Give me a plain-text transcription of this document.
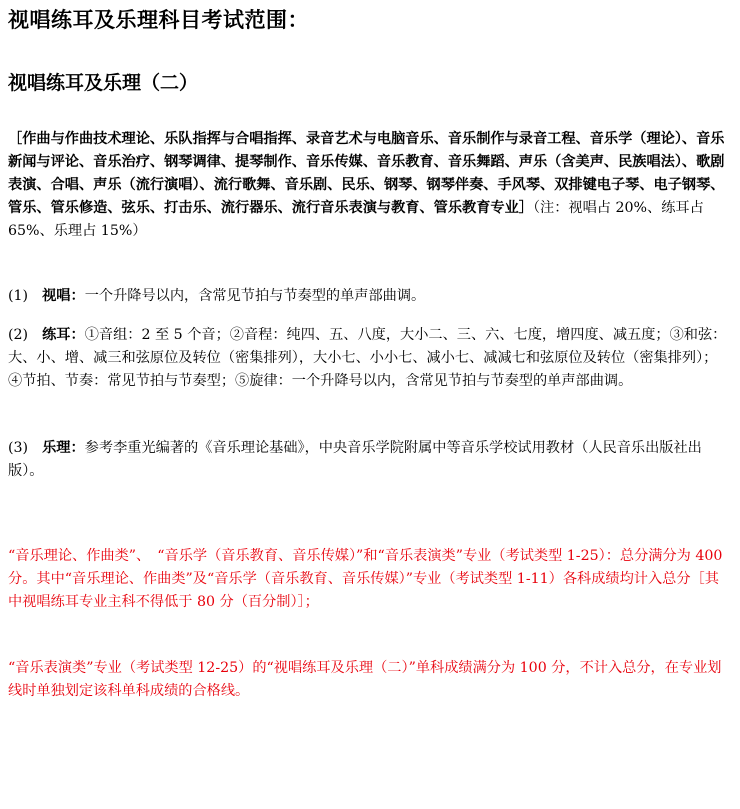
视唱练耳及乐理科目考试范围：
视唱练耳及乐理（二）
［作曲与作曲技术理论、乐队指挥与合唱指挥、录音艺术与电脑音乐、音乐制作与录音工程、音乐学（理论）、音乐新闻与评论、音乐治疗、钢琴调律、提琴制作、音乐传媒、音乐教育、音乐舞蹈、声乐（含美声、民族唱法）、歌剧表演、合唱、声乐（流行演唱）、流行歌舞、音乐剧、民乐、钢琴、钢琴伴奏、手风琴、双排键电子琴、电子钢琴、管乐、管乐修造、弦乐、打击乐、流行器乐、流行音乐表演与教育、管乐教育专业］（注：视唱占 20%、练耳占 65%、乐理占 15%）
(1) 视唱：一个升降号以内，含常见节拍与节奏型的单声部曲调。
(2) 练耳：①音组：2 至 5 个音；②音程：纯四、五、八度，大小二、三、六、七度，增四度、减五度；③和弦：大、小、增、减三和弦原位及转位（密集排列），大小七、小小七、减小七、减减七和弦原位及转位（密集排列）；④节拍、节奏：常见节拍与节奏型；⑤旋律：一个升降号以内，含常见节拍与节奏型的单声部曲调。
(3) 乐理：参考李重光编著的《音乐理论基础》，中央音乐学院附属中等音乐学校试用教材（人民音乐出版社出版）。
“音乐理论、作曲类”、　“音乐学（音乐教育、音乐传媒）”和“音乐表演类”专业（考试类型 1-25）：总分满分为 400 分。其中“音乐理论、作曲类”及“音乐学（音乐教育、音乐传媒）”专业（考试类型 1-11）各科成绩均计入总分［其中视唱练耳专业主科不得低于 80 分（百分制）］；
“音乐表演类”专业（考试类型 12-25）的“视唱练耳及乐理（二）”单科成绩满分为 100 分，不计入总分，在专业划线时单独划定该科单科成绩的合格线。
